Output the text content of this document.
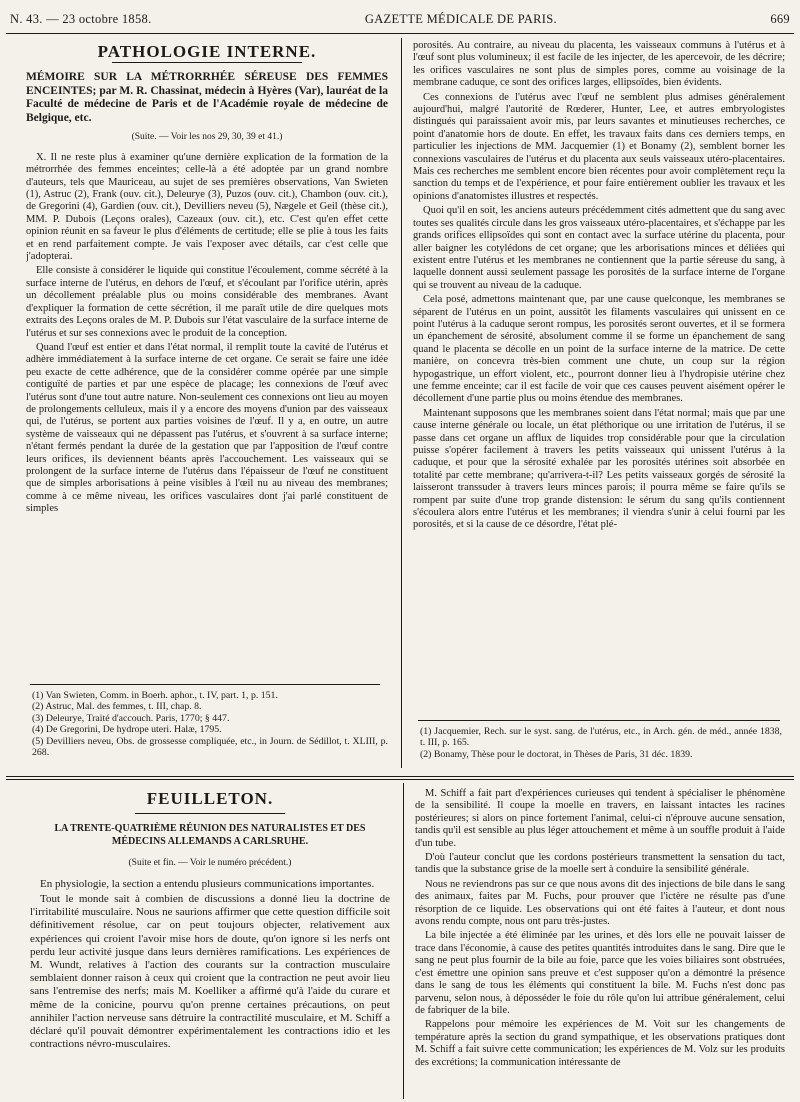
N. 43. — 23 octobre 1858.	GAZETTE MÉDICALE DE PARIS.	669
PATHOLOGIE INTERNE.

MÉMOIRE SUR LA MÉTRORRHÉE SÉREUSE DES FEMMES ENCEINTES; par M. R. Chassinat, médecin à Hyères (Var), lauréat de la Faculté de médecine de Paris et de l'Académie royale de médecine de Belgique, etc.

(Suite. — Voir les nos 29, 30, 39 et 41.)

X. Il ne reste plus à examiner qu'une dernière explication de la formation de la métrorrhée des femmes enceintes; celle-là a été adoptée par un grand nombre d'auteurs, tels que Mauriceau, au sujet de ses premières observations, Van Swieten (1), Astruc (2), Frank (ouv. cit.), Deleurye (3), Puzos (ouv. cit.), Chambon (ouv. cit.), de Gregorini (4), Gardien (ouv. cit.), Devilliers neveu (5), Nægele et Geil (thèse cit.), MM. P. Dubois (Leçons orales), Cazeaux (ouv. cit.), etc. C'est qu'en effet cette opinion réunit en sa faveur le plus d'éléments de certitude; elle se plie à tous les faits et en rend parfaitement compte. Je vais l'exposer avec détails, car c'est celle que j'adopterai.

Elle consiste à considérer le liquide qui constitue l'écoulement, comme sécrété à la surface interne de l'utérus, en dehors de l'œuf, et s'écoulant par l'orifice utérin, après un décollement préalable plus ou moins considérable des membranes. Avant d'expliquer la formation de cette sécrétion, il me paraît utile de dire quelques mots extraits des Leçons orales de M. P. Dubois sur l'état vasculaire de la surface interne de l'utérus et sur ses connexions avec le produit de la conception.

Quand l'œuf est entier et dans l'état normal, il remplit toute la cavité de l'utérus et adhère immédiatement à la surface interne de cet organe. Ce serait se faire une idée peu exacte de cette adhérence, que de la considérer comme opérée par une simple contiguïté de parties et par une espèce de placage; les connexions de l'œuf avec l'utérus sont d'une tout autre nature. Non-seulement ces connexions ont lieu au moyen de prolongements celluleux, mais il y a encore des moyens d'union par des vaisseaux qui, de l'utérus, se portent aux parties voisines de l'œuf. Il y a, en outre, un autre système de vaisseaux qui ne dépassent pas l'utérus, et s'ouvrent à sa surface interne; n'étant fermés pendant la durée de la gestation que par l'apposition de l'œuf contre leurs orifices, ils deviennent béants après l'accouchement. Les vaisseaux qui se prolongent de la surface interne de l'utérus dans l'épaisseur de l'œuf ne constituent que de simples arborisations à peine visibles à l'œil nu au niveau des membranes; comme à ce même niveau, les orifices vasculaires dont j'ai parlé constituent de simples

porosités. Au contraire, au niveau du placenta, les vaisseaux communs à l'utérus et à l'œuf sont plus volumineux; il est facile de les injecter, de les apercevoir, de les décrire; les orifices vasculaires ne sont plus de simples pores, comme au voisinage de la membrane caduque, ce sont des orifices larges, ellipsoïdes, bien évidents.

Ces connexions de l'utérus avec l'œuf ne semblent plus admises généralement aujourd'hui, malgré l'autorité de Rœderer, Hunter, Lee, et autres embryologistes distingués qui paraissaient avoir mis, par leurs savantes et minutieuses recherches, ce point d'anatomie hors de doute. En effet, les travaux faits dans ces derniers temps, en particulier les injections de MM. Jacquemier (1) et Bonamy (2), semblent borner les connexions vasculaires de l'utérus et du placenta aux seuls vaisseaux utéro-placentaires. Mais ces recherches me semblent encore bien récentes pour avoir complètement reçu la sanction du temps et de l'expérience, et pour faire entièrement oublier les travaux et les opinions d'anatomistes illustres et respectés.

Quoi qu'il en soit, les anciens auteurs précédemment cités admettent que du sang avec toutes ses qualités circule dans les gros vaisseaux utéro-placentaires, et s'échappe par les grands orifices ellipsoïdes qui sont en contact avec la surface utérine du placenta, pour aller baigner les cotylédons de cet organe; que les arborisations minces et déliées qui existent entre l'utérus et les membranes ne contiennent que la partie séreuse du sang, à laquelle donnent aussi seulement passage les porosités de la surface interne de l'organe qui se trouvent au niveau de la caduque.

Cela posé, admettons maintenant que, par une cause quelconque, les membranes se séparent de l'utérus en un point, aussitôt les filaments vasculaires qui unissent en ce point l'utérus à la caduque seront rompus, les porosités seront ouvertes, et il se formera un épanchement de sérosité, absolument comme il se forme un épanchement de sang quand le placenta se décolle en un point de la surface interne de la matrice. De cette manière, on concevra très-bien comment une chute, un coup sur la région hypogastrique, un effort violent, etc., pourront donner lieu à l'hydropisie utérine chez une femme enceinte; car il est facile de voir que ces causes peuvent aisément opérer le décollement d'une partie plus ou moins étendue des membranes.

Maintenant supposons que les membranes soient dans l'état normal; mais que par une cause interne générale ou locale, un état pléthorique ou une irritation de l'utérus, il se passe dans cet organe un afflux de liquides trop considérable pour que la circulation puisse s'opérer facilement à travers les petits vaisseaux qui unissent l'utérus à la caduque, et pour que la sérosité exhalée par les porosités utérines soit absorbée en totalité par cette membrane; qu'arrivera-t-il? Les petits vaisseaux gorgés de sérosité la laisseront transsuder à travers leurs minces parois; il pourra même se faire qu'ils se rompent par suite d'une trop grande distension: le sérum du sang qu'ils contiennent s'écoulera alors entre l'utérus et les membranes; il viendra s'unir à celui fourni par les porosités, et si la cause de ce désordre, l'état plé-

(1) Van Swieten, Comm. in Boerh. aphor., t. IV, part. 1, p. 151.

(2) Astruc, Mal. des femmes, t. III, chap. 8.

(3) Deleurye, Traité d'accouch. Paris, 1770; § 447.

(4) De Gregorini, De hydrope uteri. Halæ, 1795.

(5) Devilliers neveu, Obs. de grossesse compliquée, etc., in Journ. de Sédillot, t. XLIII, p. 268.

(1) Jacquemier, Rech. sur le syst. sang. de l'utérus, etc., in Arch. gén. de méd., année 1838, t. III, p. 165.

(2) Bonamy, Thèse pour le doctorat, in Thèses de Paris, 31 déc. 1839.

FEUILLETON.

LA TRENTE-QUATRIÈME RÉUNION DES NATURALISTES ET DES MÉDECINS ALLEMANDS A CARLSRUHE.

(Suite et fin. — Voir le numéro précédent.)

En physiologie, la section a entendu plusieurs communications importantes.

Tout le monde sait à combien de discussions a donné lieu la doctrine de l'irritabilité musculaire. Nous ne saurions affirmer que cette question difficile soit définitivement résolue, car on peut toujours objecter, relativement aux expériences qui croient l'avoir mise hors de doute, qu'on ignore si les nerfs ont perdu leur activité jusque dans leurs dernières ramifications. Les expériences de M. Wundt, relatives à l'action des courants sur la contraction musculaire semblaient donner raison à ceux qui croient que la contraction ne peut avoir lieu sans l'entremise des nerfs; mais M. Koelliker a affirmé qu'à l'aide du curare et même de la conicine, pourvu qu'on prenne certaines précautions, on peut annihiler l'action nerveuse sans détruire la contractilité musculaire, et M. Schiff a déclaré qu'il pouvait démontrer expérimentalement les contractions idio et les contractions névro-musculaires.

M. Schiff a fait part d'expériences curieuses qui tendent à spécialiser le phénomène de la sensibilité. Il coupe la moelle en travers, en laissant intactes les racines postérieures; si alors on pince fortement l'animal, celui-ci n'éprouve aucune sensation, tandis qu'il est sensible au plus léger attouchement et même à un souffle produit à l'aide d'un tube.

D'où l'auteur conclut que les cordons postérieurs transmettent la sensation du tact, tandis que la substance grise de la moelle sert à conduire la sensibilité générale.

Nous ne reviendrons pas sur ce que nous avons dit des injections de bile dans le sang des animaux, faites par M. Fuchs, pour prouver que l'ictère ne résulte pas d'une résorption de ce liquide. Les observations qui ont été faites à l'auteur, et dont nous avons rendu compte, nous ont paru très-justes.

La bile injectée a été éliminée par les urines, et dès lors elle ne pouvait laisser de trace dans l'économie, à cause des petites quantités introduites dans le sang. Dire que le sang ne peut plus fournir de la bile au foie, parce que les voies biliaires sont obstruées, c'est émettre une opinion sans preuve et c'est supposer qu'on a démontré la présence dans le sang de tous les éléments qui constituent la bile. M. Fuchs n'est donc pas parvenu, selon nous, à déposséder le foie du rôle qu'on lui attribue généralement, celui de fabriquer de la bile.

Rappelons pour mémoire les expériences de M. Voit sur les changements de température après la section du grand sympathique, et les observations pratiques dont M. Schiff a fait suivre cette communication; les expériences de M. Volz sur les produits des excrétions; la communication intéressante de
